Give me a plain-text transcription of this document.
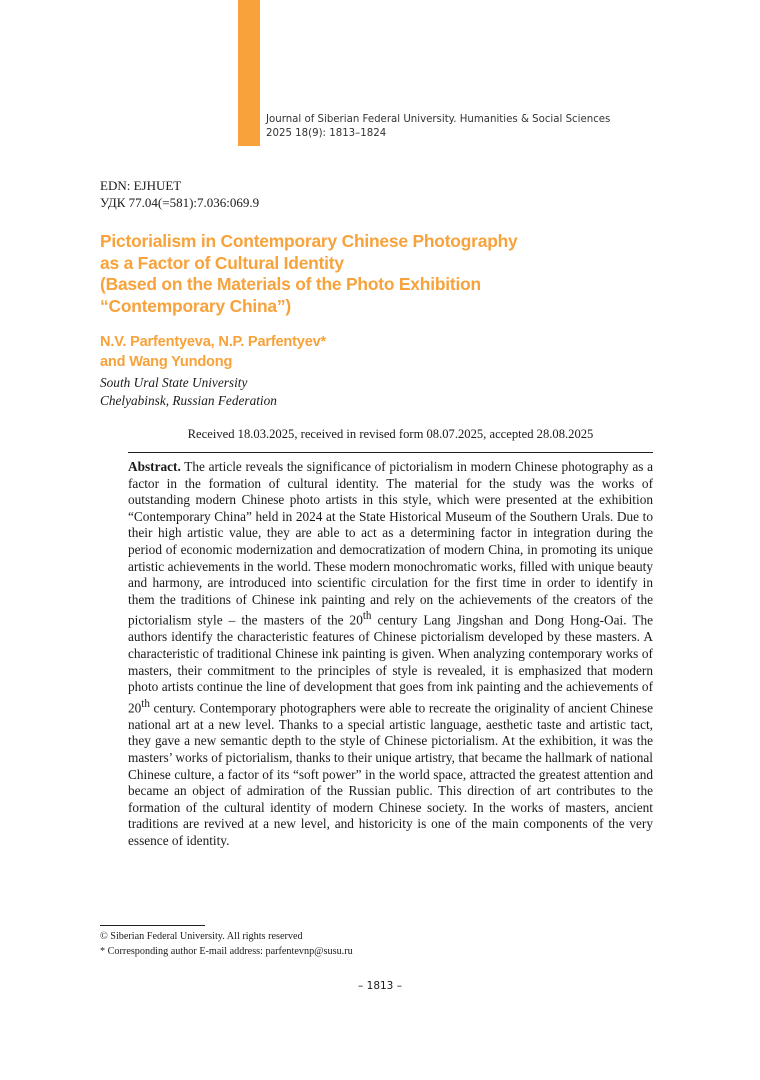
Journal of Siberian Federal University. Humanities & Social Sciences
2025 18(9): 1813–1824
EDN: EJHUET
УДК 77.04(=581):7.036:069.9
Pictorialism in Contemporary Chinese Photography
as a Factor of Cultural Identity
(Based on the Materials of the Photo Exhibition
“Contemporary China”)
N.V. Parfentyeva, N.P. Parfentyev*
and Wang Yundong
South Ural State University
Chelyabinsk, Russian Federation
Received 18.03.2025, received in revised form 08.07.2025, accepted 28.08.2025

Abstract. The article reveals the significance of pictorialism in modern Chinese photography as a factor in the formation of cultural identity. The material for the study was the works of outstanding modern Chinese photo artists in this style, which were presented at the exhibition “Contemporary China” held in 2024 at the State Historical Museum of the Southern Urals. Due to their high artistic value, they are able to act as a determining factor in integration during the period of economic modernization and democratization of modern China, in promoting its unique artistic achievements in the world. These modern monochromatic works, filled with unique beauty and harmony, are introduced into scientific circulation for the first time in order to identify in them the traditions of Chinese ink painting and rely on the achievements of the creators of the pictorialism style – the masters of the 20th century Lang Jingshan and Dong Hong-Oai. The authors identify the characteristic features of Chinese pictorialism developed by these masters. A characteristic of traditional Chinese ink painting is given. When analyzing contemporary works of masters, their commitment to the principles of style is revealed, it is emphasized that modern photo artists continue the line of development that goes from ink painting and the achievements of 20th century. Contemporary photographers were able to recreate the originality of ancient Chinese national art at a new level. Thanks to a special artistic language, aesthetic taste and artistic tact, they gave a new semantic depth to the style of Chinese pictorialism. At the exhibition, it was the masters’ works of pictorialism, thanks to their unique artistry, that became the hallmark of national Chinese culture, a factor of its “soft power” in the world space, attracted the greatest attention and became an object of admiration of the Russian public. This direction of art contributes to the formation of the cultural identity of modern Chinese society. In the works of masters, ancient traditions are revived at a new level, and historicity is one of the main components of the very essence of identity.

© Siberian Federal University. All rights reserved
* Corresponding author E-mail address: parfentevnp@susu.ru
– 1813 –
